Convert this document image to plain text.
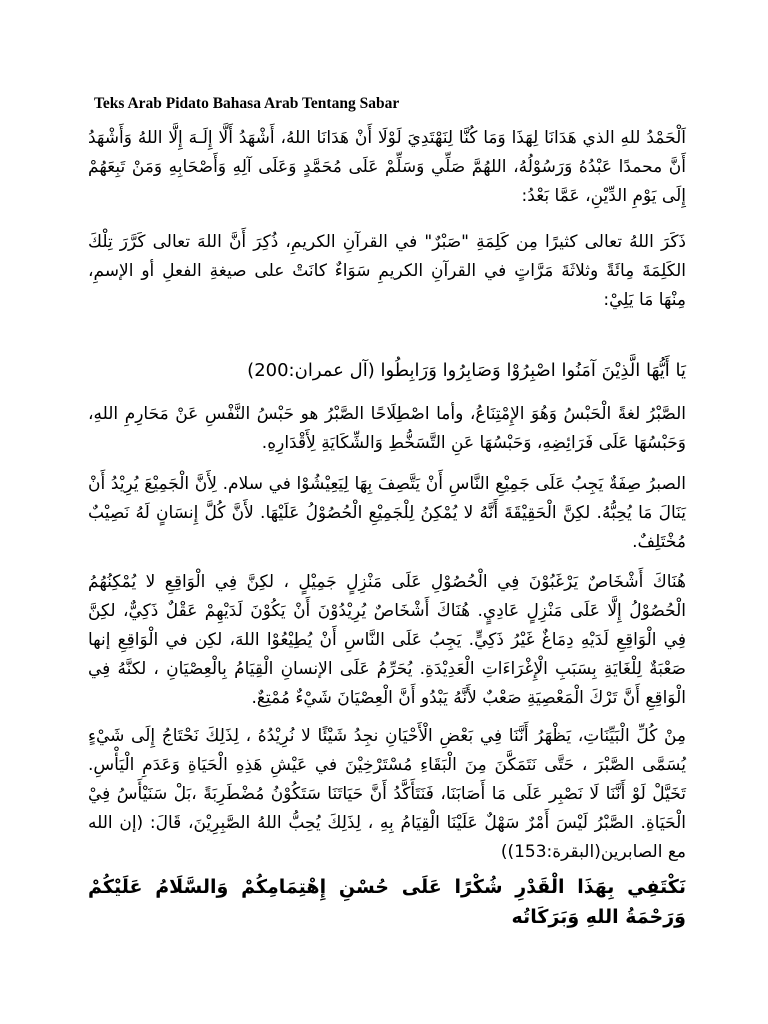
Teks Arab Pidato Bahasa Arab Tentang Sabar

اَلْحَمْدُ للهِ الذي هَدَانَا لِهَذَا وَمَا كُنَّا لِنَهْتَدِيَ لَوْلَا أَنْ هَدَانَا اللهُ، أَشْهَدُ أَلَّا إِلَـهَ إِلَّا اللهُ وَأَشْهَدُ أَنَّ محمدًا عَبْدُهُ وَرَسُوْلُهُ، اللهُمَّ صَلِّي وَسَلِّمْ عَلَى مُحَمَّدٍ وَعَلَى آلِهِ وَأَصْحَابِهِ وَمَنْ تَبِعَهُمْ إِلَى يَوْمِ الدِّيْنِ، عَمَّا بَعْدُ:

ذَكَرَ اللهُ تعالى كثيرًا مِن كَلِمَةِ "صَبْرٌ" في القرآنِ الكريمِ، ذُكِرَ أَنَّ اللهَ تعالى كَرَّرَ تِلْكَ الكَلِمَةَ مِائَةً وثلاثَةَ مَرَّاتٍ في القرآنِ الكريمِ سَوَاءٌ كانَتْ على صيغةِ الفعلِ أو الإسمِ، مِنْهَا مَا يَلِيْ:

يَا أَيُّهَا الَّذِيْنَ آمَنُوا اصْبِرُوْا وَصَابِرُوا وَرَابِطُوا (آل عمران:200)

الصَّبْرُ لغةً الْحَبْسُ وَهُوَ الإِمْتِنَاعُ، وأما اصْطِلَاحًا الصَّبْرُ هو حَبْسُ النَّفْسِ عَنْ مَحَارِمِ اللهِ، وَحَبْسُهَا عَلَى فَرَائِضِهِ، وَحَبْسُهَا عَنِ التَّسَخُّطِ وَالشِّكَايَةِ لِأَقْدَارِهِ.

الصبرُ صِفَةٌ يَجِبُ عَلَى جَمِيْعِ النَّاسِ أَنْ يَتَّصِفَ بِهَا لِيَعِيْشُوْا في سلام. لِأَنَّ الْجَمِيْعَ يُرِيْدُ أَنْ يَنَالَ مَا يُحِبُّهُ. لكِنَّ الْحَقِيْقَةَ أَنَّهُ لا يُمْكِنُ لِلْجَمِيْعِ الْحُصُوْلُ عَلَيْهَا. لأَنَّ كُلَّ إِنسَانٍ لَهُ نَصِيْبٌ مُخْتَلِفٌ.

هُنَاكَ أَشْخَاصٌ يَرْغَبُوْنَ فِي الْحُصُوْلِ عَلَى مَنْزِلٍ جَمِيْلٍ ، لكِنَّ فِي الْوَاقِعِ لا يُمْكِنُهُمُ الْحُصُوْلُ إِلَّا عَلَى مَنْزِلٍ عَادِيٍ. هُنَاكَ أَشْخَاصٌ يُرِيْدُوْنَ أَنْ يَكُوْنَ لَدَيْهِمْ عَقْلٌ ذَكِيٌّ، لكِنَّ فِي الْوَاقِعِ لَدَيْهِ دِمَاغٌ غَيْرُ ذَكِيٍّ. يَجِبُ عَلَى النَّاسِ أَنْ يُطِيْعُوْا اللهَ، لكِن في الْوَاقِعِ إنها صَعْبَةٌ لِلْغَايَةِ بِسَبَبِ الْإِغْرَاءَاتِ الْعَدِيْدَةِ. يُحَرِّمُ عَلَى الإنسانِ الْقِيَامُ بِالْعِصْيَانِ ، لكنَّهُ فِي الْوَاقِعِ أَنَّ تَرْكَ الْمَعْصِيَةِ صَعْبٌ لأَنَّهُ يَبْدُو أَنَّ الْعِصْيَانَ شَيْءٌ مُمْتِعٌ.

مِنْ كُلِّ الْبَيِّنَاتِ، يَظْهَرُ أَنَّنَا فِي بَعْضِ الْأَحْيَانِ نجِدُ شَيْئًا لا نُرِيْدُهُ ، لِذَلِكَ نَحْتَاجُ إِلَى شَيْءٍ يُسَمَّى الصَّبْرَ ، حَتَّى نَتَمَكَّنَ مِنَ الْبَقَاءِ مُسْتَرْخِيْنَ في عَيْشِ هَذِهِ الْحَيَاةِ وَعَدَمِ الْيَأْسِ. تَخَيَّلْ لَوْ أَنَّنَا لَا نَصْبِر عَلَى مَا أَصَابَنَا، فَنَتَأَكَّدُ أَنَّ حَيَاتَنَا سَتَكُوْنُ مُضْطَرِبَةً ،بَلْ سَنَيْأَسُ فِيْ الْحَيَاةِ. الصَّبْرُ لَيْسَ أَمْرٌ سَهْلٌ عَلَيْنَا الْقِيَامُ بِهِ ، لِذَلِكَ يُحِبُّ اللهُ الصَّبِرِيْنَ، قَالَ: (إن الله مع الصابرين(البقرة:153))

نَكْتَفِي بِهَذَا الْقَدْرِ شُكْرًا عَلَى حُسْنِ إِهْتِمَامِكُمْ وَالسَّلَامُ عَلَيْكُمْ وَرَحْمَةُ اللهِ وَبَرَكَاتُه
